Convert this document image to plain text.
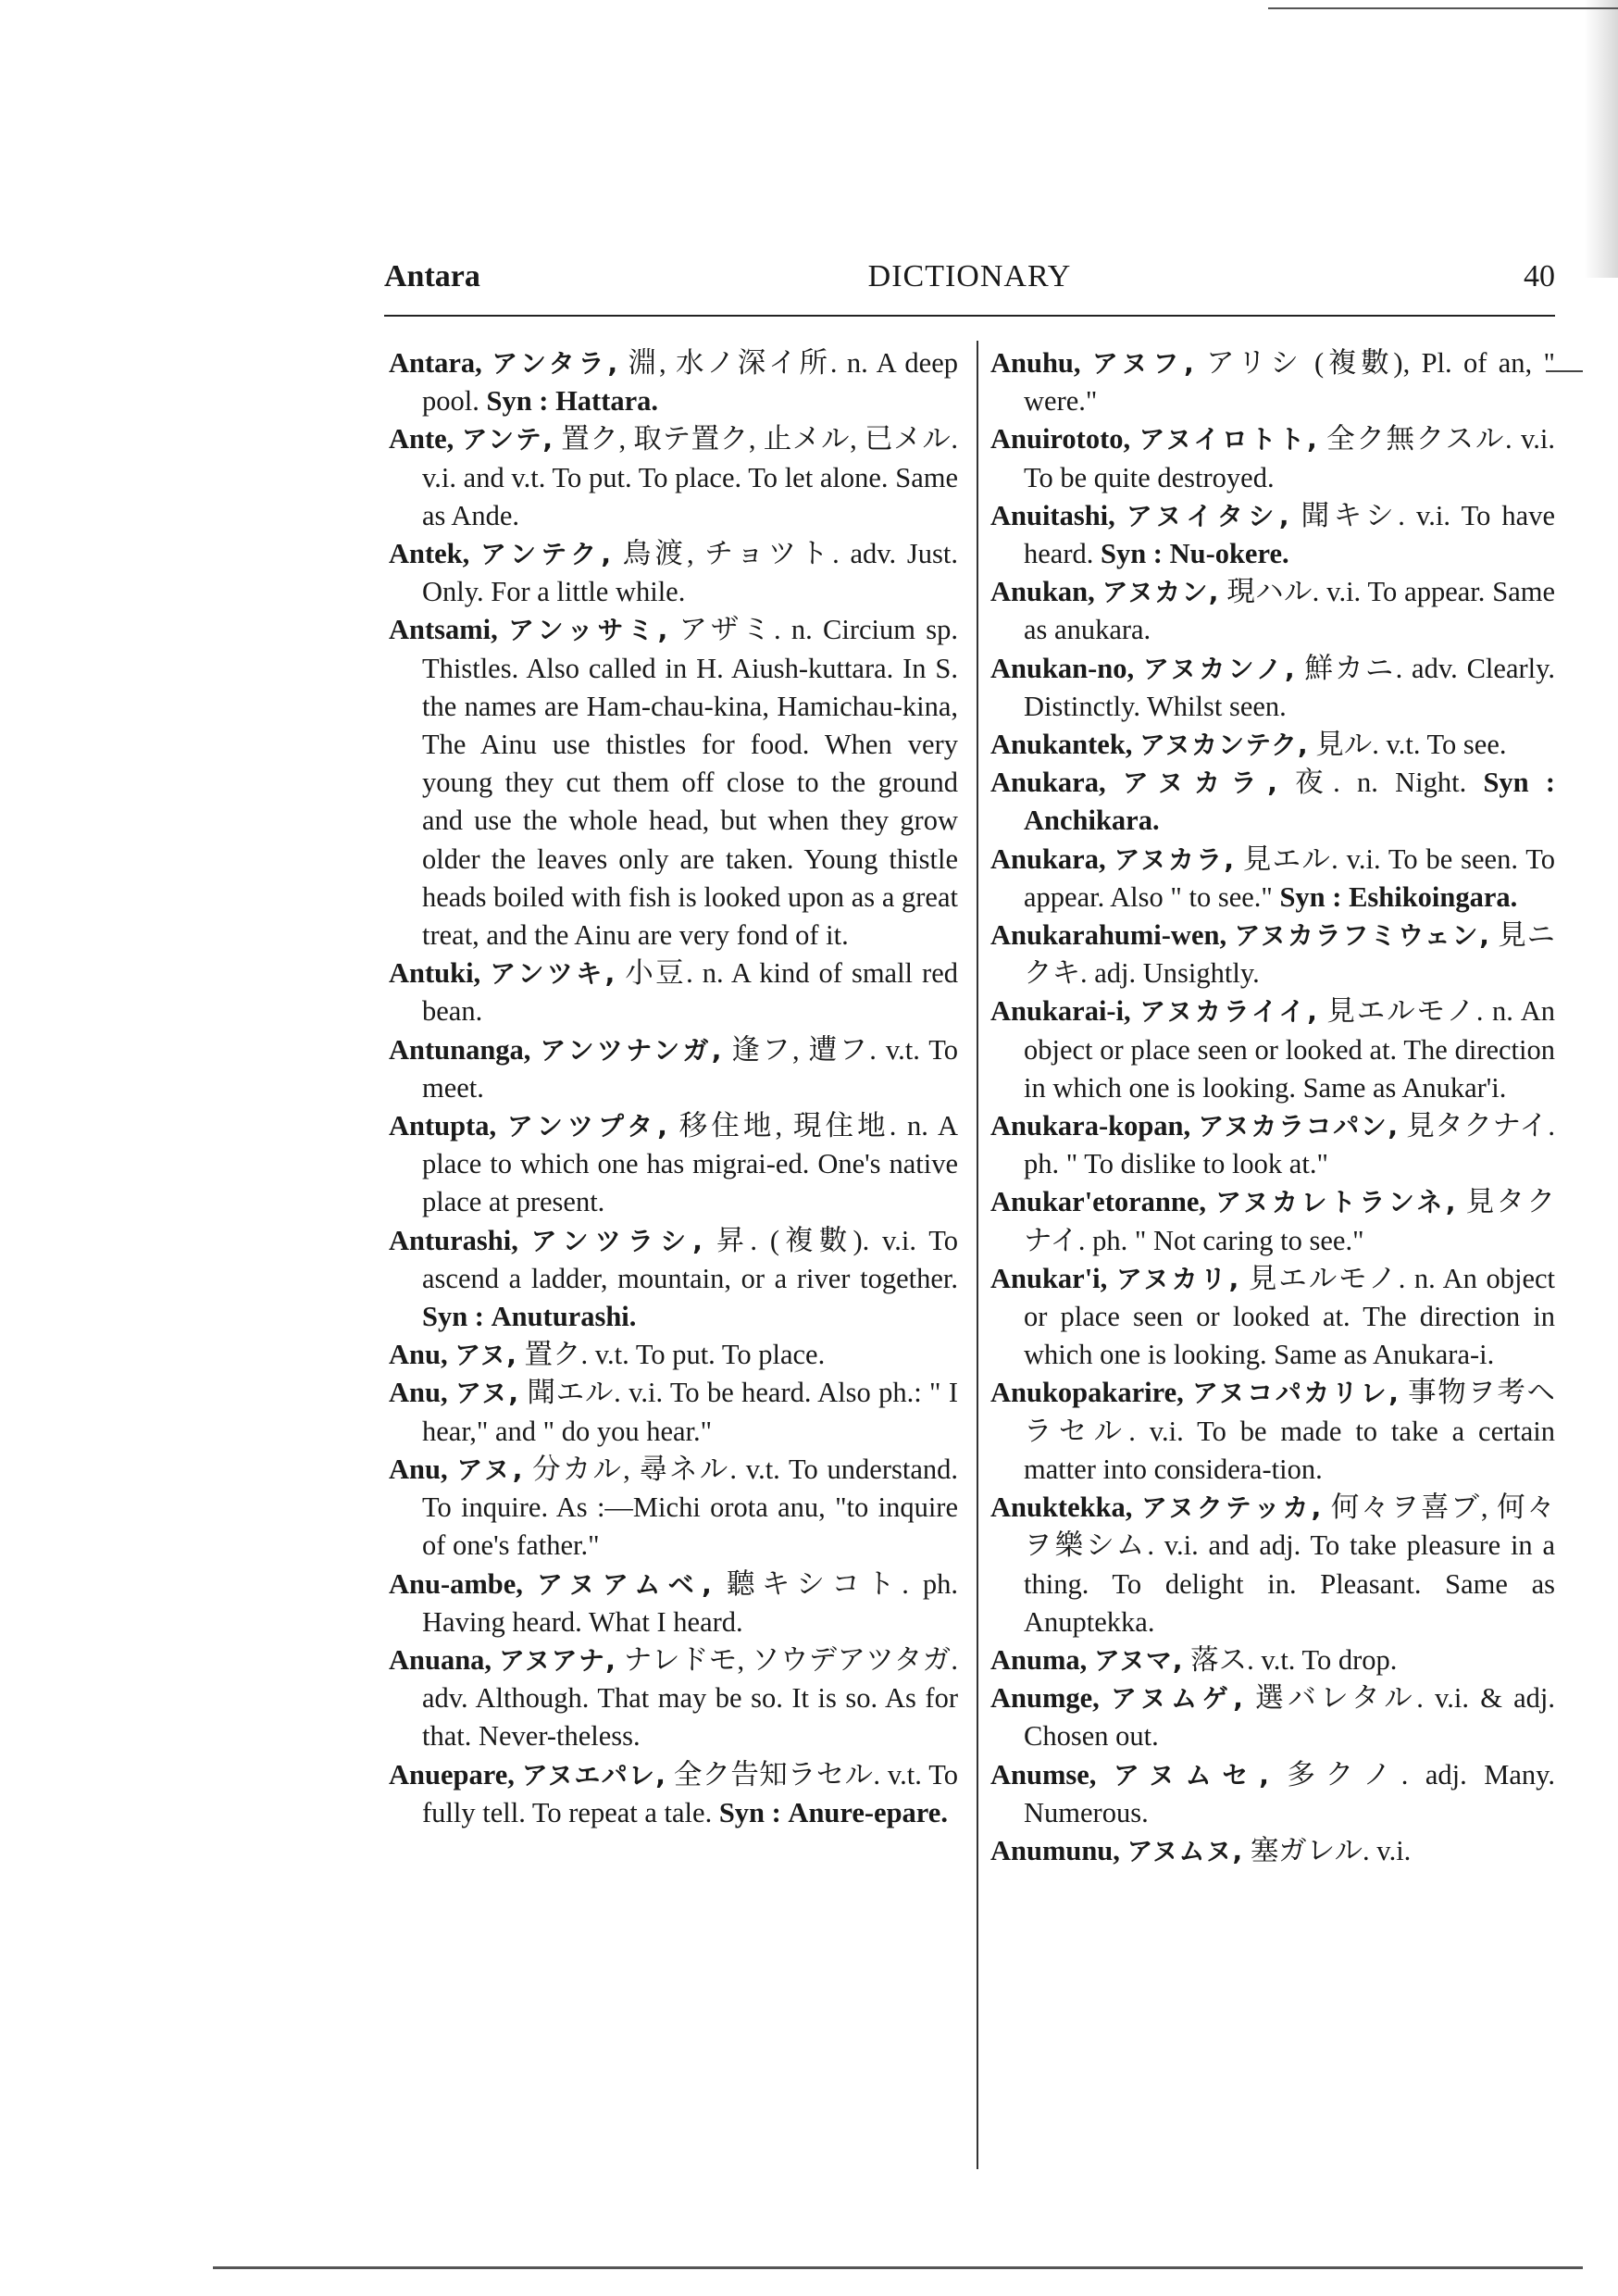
DICTIONARY
Antara	40

Antara, アンタラ, 淵, 水ノ深イ所. n. A deep pool. Syn : Hattara.

Ante, アンテ, 置ク, 取テ置ク, 止メル, 已メル. v.i. and v.t. To put. To place. To let alone. Same as Ande.

Antek, アンテク, 鳥渡, チョツト. adv. Just. Only. For a little while.

Antsami, アンッサミ, アザミ. n. Circium sp. Thistles. Also called in H. Aiush-kuttara. In S. the names are Ham-chau-kina, Hamichau-kina, The Ainu use thistles for food. When very young they cut them off close to the ground and use the whole head, but when they grow older the leaves only are taken. Young thistle heads boiled with fish is looked upon as a great treat, and the Ainu are very fond of it.

Antuki, アンツキ, 小豆. n. A kind of small red bean.

Antunanga, アンツナンガ, 逢フ, 遭フ. v.t. To meet.

Antupta, アンツプタ, 移住地, 現住地. n. A place to which one has migrai-ed. One's native place at present.

Anturashi, アンツラシ, 昇. (複數). v.i. To ascend a ladder, mountain, or a river together. Syn : Anuturashi.

Anu, アヌ, 置ク. v.t. To put. To place.

Anu, アヌ, 聞エル. v.i. To be heard. Also ph.: " I hear," and " do you hear."

Anu, アヌ, 分カル, 尋ネル. v.t. To understand. To inquire. As :—Michi orota anu, "to inquire of one's father."

Anu-ambe, アヌアムベ, 聽キシコト. ph. Having heard. What I heard.

Anuana, アヌアナ, ナレドモ, ソウデアツタガ. adv. Although. That may be so. It is so. As for that. Never-theless.

Anuepare, アヌエパレ, 全ク告知ラセル. v.t. To fully tell. To repeat a tale. Syn : Anure-epare.

Anuhu, アヌフ, アリシ (複數), Pl. of an, " were."

Anuirototo, アヌイロトト, 全ク無クスル. v.i. To be quite destroyed.

Anuitashi, アヌイタシ, 聞キシ. v.i. To have heard. Syn : Nu-okere.

Anukan, アヌカン, 現ハル. v.i. To appear. Same as anukara.

Anukan-no, アヌカンノ, 鮮カニ. adv. Clearly. Distinctly. Whilst seen.

Anukantek, アヌカンテク, 見ル. v.t. To see.

Anukara, アヌカラ, 夜. n. Night. Syn : Anchikara.

Anukara, アヌカラ, 見エル. v.i. To be seen. To appear. Also " to see." Syn : Eshikoingara.

Anukarahumi-wen, アヌカラフミウェン, 見ニクキ. adj. Unsightly.

Anukarai-i, アヌカライイ, 見エルモノ. n. An object or place seen or looked at. The direction in which one is looking. Same as Anukar'i.

Anukara-kopan, アヌカラコパン, 見タクナイ. ph. " To dislike to look at."

Anukar'etoranne, アヌカレトランネ, 見タクナイ. ph. " Not caring to see."

Anukar'i, アヌカリ, 見エルモノ. n. An object or place seen or looked at. The direction in which one is looking. Same as Anukara-i.

Anukopakarire, アヌコパカリレ, 事物ヲ考ヘラセル. v.i. To be made to take a certain matter into considera-tion.

Anuktekka, アヌクテッカ, 何々ヲ喜ブ, 何々ヲ樂シム. v.i. and adj. To take pleasure in a thing. To delight in. Pleasant. Same as Anuptekka.

Anuma, アヌマ, 落ス. v.t. To drop.

Anumge, アヌムゲ, 選バレタル. v.i. & adj. Chosen out.

Anumse, アヌムセ, 多クノ. adj. Many. Numerous.

Anumunu, アヌムヌ, 塞ガレル. v.i.
